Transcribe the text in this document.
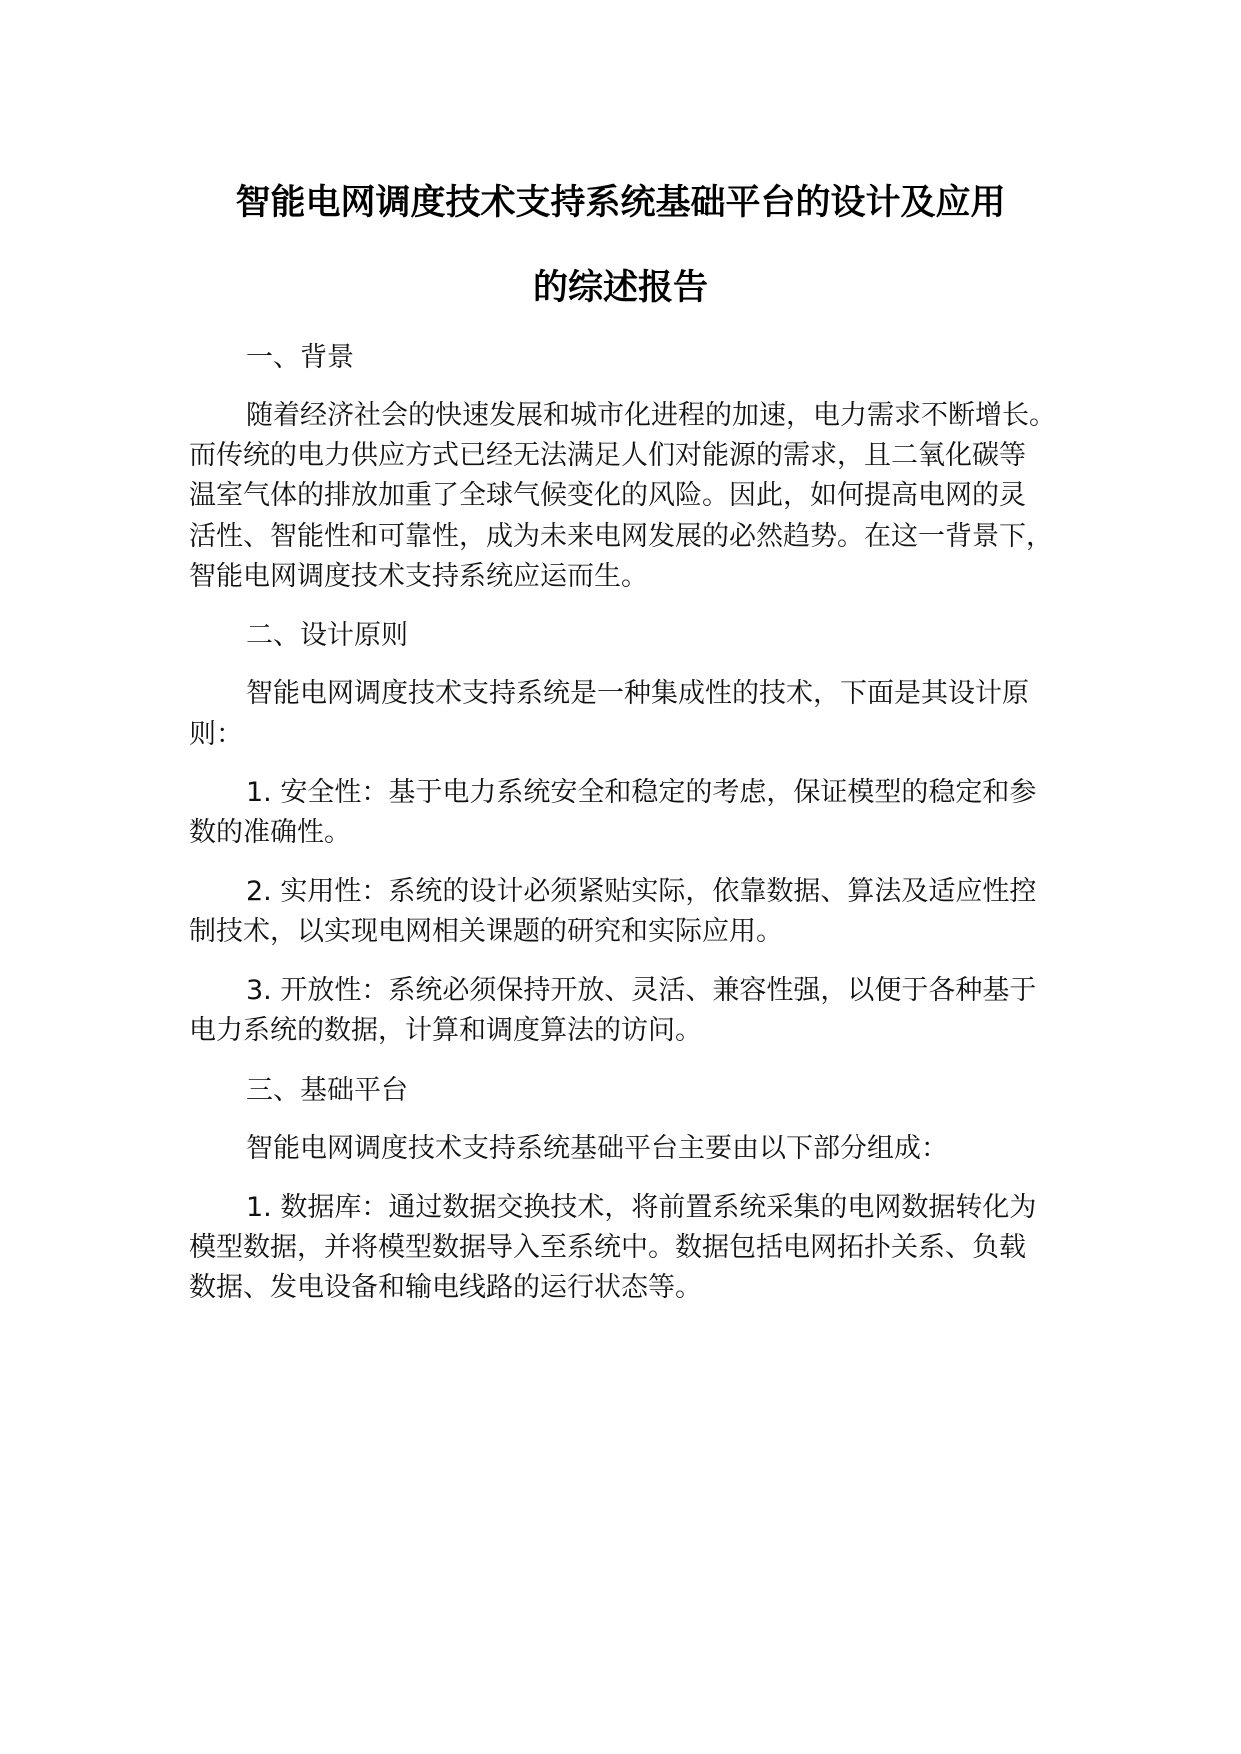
智能电网调度技术支持系统基础平台的设计及应用
的综述报告
一、背景
随着经济社会的快速发展和城市化进程的加速，电力需求不断增长。
而传统的电力供应方式已经无法满足人们对能源的需求，且二氧化碳等
温室气体的排放加重了全球气候变化的风险。因此，如何提高电网的灵
活性、智能性和可靠性，成为未来电网发展的必然趋势。在这一背景下，
智能电网调度技术支持系统应运而生。
二、设计原则
智能电网调度技术支持系统是一种集成性的技术，下面是其设计原
则：
1. 安全性：基于电力系统安全和稳定的考虑，保证模型的稳定和参
数的准确性。
2. 实用性：系统的设计必须紧贴实际，依靠数据、算法及适应性控
制技术，以实现电网相关课题的研究和实际应用。
3. 开放性：系统必须保持开放、灵活、兼容性强，以便于各种基于
电力系统的数据，计算和调度算法的访问。
三、基础平台
智能电网调度技术支持系统基础平台主要由以下部分组成：
1. 数据库：通过数据交换技术，将前置系统采集的电网数据转化为
模型数据，并将模型数据导入至系统中。数据包括电网拓扑关系、负载
数据、发电设备和输电线路的运行状态等。
